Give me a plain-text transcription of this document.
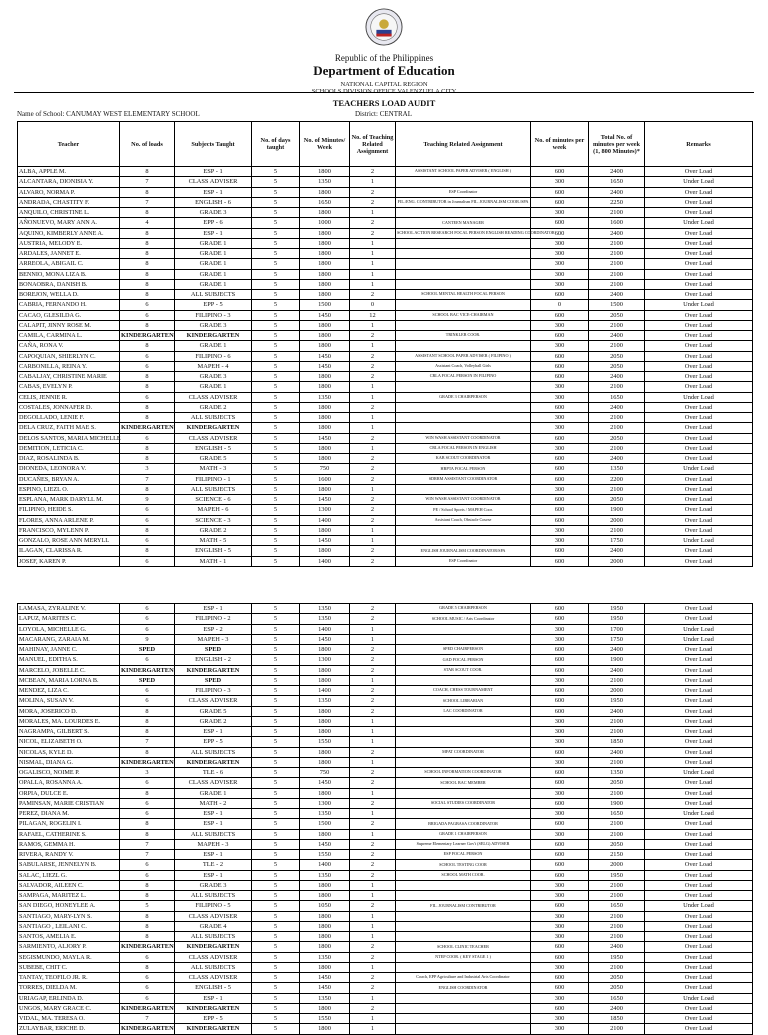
Republic of the Philippines
Department of Education
NATIONAL CAPITAL REGION
SCHOOLS DIVISION OFFICE VALENZUELA CITY
TEACHERS LOAD AUDIT
Name of School: CANUMAY WEST ELEMENTARY SCHOOL	District: CENTRAL
Teacher	No. of loads	Subjects Taught	No. of days taught	No. of Minutes/ Week	No. of Teaching Related Assignment	Teaching Related Assignment	No. of minutes per week	Total No. of minutes per week (1, 800 Minutes)*	Remarks
ALBA, APPLE M.	8	ESP - 1	5	1800	2	ASSISTANT SCHOOL PAPER ADVISER ( ENGLISH )	600	2400	Over Load
ALCANTARA, DIONISIA Y.	7	CLASS ADVISER	5	1350	1		300	1650	Under Load
ALVARO, NORMA P.	8	ESP - 1	5	1800	2	ESP Coordinator	600	2400	Over Load
ANDRADA, CHASTITY F.	7	ENGLISH - 6	5	1650	2	FIL./ENG. CONTRIBUTOR in Journalism FIL. JOURNALISM COOR./SPA	600	2250	Over Load
ANQUILO, CHRISTINE L.	8	GRADE 3	5	1800	1		300	2100	Over Load
AÑONUEVO, MARY ANN A.	4	EPP - 6	5	1000	2	CANTEEN MANAGER	600	1600	Under Load
AQUINO, KIMBERLY ANNE A.	8	ESP - 1	5	1800	2	SCHOOL ACTION RESEARCH FOCAL PERSON ENGLISH READING COORDINATOR	600	2400	Over Load
AUSTRIA, MELODY E.	8	GRADE 1	5	1800	1		300	2100	Over Load
ARDALES, JANNET E.	8	GRADE 1	5	1800	1		300	2100	Over Load
ARREOLA, ABIGAIL C.	8	GRADE 1	5	1800	1		300	2100	Over Load
BENNIO, MONA LIZA B.	8	GRADE 1	5	1800	1		300	2100	Over Load
BONAOBRA, DANISH B.	8	GRADE 1	5	1800	1		300	2100	Over Load
BOREJON, WELLA D.	8	ALL SUBJECTS	5	1800	2	SCHOOL MENTAL HEALTH FOCAL PERSON	600	2400	Over Load
CABRIA, FERNANDO H.	6	EPP - 5	5	1500	0		0	1500	Under Load
CACAO, GLESILDA G.	6	FILIPINO - 3	5	1450	12	SCHOOL BAC VICE-CHAIRMAN	600	2050	Over Load
CALAPIT, JINNY ROSE M.	8	GRADE 3	5	1800	1		300	2100	Over Load
CAMILA, CARMINA L.	KINDERGARTEN	KINDERGARTEN	5	1800	2	TRINKLER COOR.	600	2400	Over Load
CAÑA, RONA V.	8	GRADE 1	5	1800	1		300	2100	Over Load
CAPOQUIAN, SHIERLYN C.	6	FILIPINO - 6	5	1450	2	ASSISTANT SCHOOL PAPER ADVISER ( FILIPINO )	600	2050	Over Load
CARBONILLA, REINA Y.	6	MAPEH - 4	5	1450	2	Assistant Coach, Volleyball Girls	600	2050	Over Load
CABALJAY, CHRISTINE MARIE	8	GRADE 3	5	1800	2	CRLA FOCAL PERSON IN FILIPINO	600	2400	Over Load
CABAS, EVELYN P.	8	GRADE 1	5	1800	1		300	2100	Over Load
CELIS, JENNIE R.	6	CLASS ADVISER	5	1350	1	GRADE 3 CHAIRPERSON	300	1650	Under Load
COSTALES, JONNAFER D.	8	GRADE 2	5	1800	2		600	2400	Over Load
DEGOLLADO, LENIE F.	8	ALL SUBJECTS	5	1800	1		300	2100	Over Load
DELA CRUZ, FAITH MAE S.	KINDERGARTEN	KINDERGARTEN	5	1800	1		300	2100	Over Load
DELOS SANTOS, MARIA MICHELLE	6	CLASS ADVISER	5	1450	2	WIN WASH ASSISTANT COORDINATOR	600	2050	Over Load
DEMITION, LETICIA C.	8	ENGLISH - 5	5	1800	1	CRLA FOCAL PERSON IN ENGLISH	300	2100	Over Load
DIAZ, ROSALINDA B.	8	GRADE 5	5	1800	2	KAB SCOUT COORDINATOR	600	2400	Over Load
DIONEDA, LEONORA V.	3	MATH - 3	5	750	2	HRPTA FOCAL PERSON	600	1350	Under Load
DUCAÑES, BRYAN A.	7	FILIPINO - 1	5	1600	2	SDRRM ASSISTANT COORDINATOR	600	2200	Over Load
ESPINO, LIEZL O.	8	ALL SUBJECTS	5	1800	1		300	2100	Over Load
ESPLANA, MARK DARYLL M.	9	SCIENCE - 6	5	1450	2	WIN WASH ASSISTANT COORDINATOR	600	2050	Over Load
FILIPINO, HEIDE S.	6	MAPEH - 6	5	1300	2	PE / School Sports / MAPEH Coor.	600	1900	Over Load
FLORES, ANNA ARLENE P.	6	SCIENCE - 3	5	1400	2	Assistant Coach, Obstacle Course	600	2000	Over Load
FRANCISCO, MYLENN P.	8	GRADE 2	5	1800	1		300	2100	Over Load
GONZALO, ROSE ANN MERYLL	6	MATH - 5	5	1450	1		300	1750	Under Load
ILAGAN, CLARISSA R.	8	ENGLISH - 5	5	1800	2	ENGLISH JOURNALISM COORDINATOR/SPA	600	2400	Over Load
JOSEF, KAREN P.	6	MATH - 1	5	1400	2	ESP Coordinator	600	2000	Over Load
LAMASA, ZYRALINE V.	6	ESP - 1	5	1350	2	GRADE 5 CHAIRPERSON	600	1950	Over Load
LAPUZ, MARITES C.	6	FILIPINO - 2	5	1350	2	SCHOOL MUSIC / Arts Coordinator	600	1950	Over Load
LOYOLA, MICHELLE G.	6	ESP - 2	5	1400	1		300	1700	Under Load
MACARANG, ZARAIA M.	9	MAPEH - 3	5	1450	1		300	1750	Under Load
MAHINAY, JANNE C.	SPED	SPED	5	1800	2	SPED CHAIRPERSON	600	2400	Over Load
MANUEL, EDITHA S.	6	ENGLISH - 2	5	1300	2	GAD FOCAL PERSON	600	1900	Over Load
MARCELO, JOBELLE C.	KINDERGARTEN	KINDERGARTEN	5	1800	2	STAR SCOUT COOR.	600	2400	Over Load
MCBEAN, MARIA LORNA B.	SPED	SPED	5	1800	1		300	2100	Over Load
MENDEZ, LIZA C.	6	FILIPINO - 3	5	1400	2	COACH, CHESS TOURNAMENT	600	2000	Over Load
MOLINA, SUSAN V.	6	CLASS ADVISER	5	1350	2	SCHOOL LIBRARIAN	600	1950	Over Load
MORA, JOSERICO D.	8	GRADE 5	5	1800	2	LAC COORDINATOR	600	2400	Over Load
MORALES, MA. LOURDES E.	8	GRADE 2	5	1800	1		300	2100	Over Load
NAGRAMPA, GILBERT S.	8	ESP - 1	5	1800	1		300	2100	Over Load
NICOL, ELIZABETH O.	7	EPP - 5	5	1550	1		300	1850	Over Load
NICOLAS, KYLE D.	8	ALL SUBJECTS	5	1800	2	MFAT COORDINATOR	600	2400	Over Load
NISMAL, DIANA G.	KINDERGARTEN	KINDERGARTEN	5	1800	1		300	2100	Over Load
OGALISCO, NOIME P.	3	TLE - 6	5	750	2	SCHOOL INFORMATION COORDINATOR	600	1350	Under Load
OPALLA, ROSANNA A.	6	CLASS ADVISER	5	1450	2	SCHOOL BAC MEMBER	600	2050	Over Load
ORPIA, DULCE E.	8	GRADE 1	5	1800	1		300	2100	Over Load
PAMINSAN, MARIE CRISTIAN	6	MATH - 2	5	1300	2	SOCIAL STUDIES COORDINATOR	600	1900	Over Load
PEREZ, DIANA M.	6	ESP - 1	5	1350	1		300	1650	Under Load
PILAGAN, ROGELIN I.	8	ESP - 1	5	1500	2	BRIGADA PAGBASA COORDINATOR	600	2100	Over Load
RAFAEL, CATHERINE S.	8	ALL SUBJECTS	5	1800	1	GRADE 1 CHAIRPERSON	300	2100	Over Load
RAMOS, GEMMA H.	7	MAPEH - 3	5	1450	2	Supreme Elementary Learner Gov't (SELG) ADVISER	600	2050	Over Load
RIVERA, RANDY V.	7	ESP - 1	5	1550	2	ESP FOCAL PERSON	600	2150	Over Load
SABULARSE, JENNELYN B.	6	TLE - 2	5	1400	2	SCHOOL TESTING COOR	600	2000	Over Load
SALAC, LIEZL G.	6	ESP - 1	5	1350	2	SCHOOL MATH COOR.	600	1950	Over Load
SALVADOR, AILEEN C.	8	GRADE 3	5	1800	1		300	2100	Over Load
SAMPAGA, MARITEZ L.	8	ALL SUBJECTS	5	1800	1		300	2100	Over Load
SAN DIEGO, HONEYLEE A.	5	FILIPINO - 5	5	1050	2	FIL. JOURNALISM CONTRIBUTOR	600	1650	Under Load
SANTIAGO, MARY-LYN S.	8	CLASS ADVISER	5	1800	1		300	2100	Over Load
SANTIAGO , LEILANI C.	8	GRADE 4	5	1800	1		300	2100	Over Load
SANTOS, AMELIA E.	8	ALL SUBJECTS	5	1800	1		300	2100	Over Load
SARMIENTO, ALJORY P.	KINDERGARTEN	KINDERGARTEN	5	1800	2	SCHOOL CLINIC TEACHER	600	2400	Over Load
SEGISMUNDO, MAYLA R.	6	CLASS ADVISER	5	1350	2	NTEP COOR. ( KEY STAGE 1 )	600	1950	Over Load
SUBEBE, CHIT C.	8	ALL SUBJECTS	5	1800	1		300	2100	Over Load
TANTAY, TEOFILO JR. R.	6	CLASS ADVISER	5	1450	2	Coach, EPP Agriculture and Industrial Arts Coordinator	600	2050	Over Load
TORRES, DIELDA M.	6	ENGLISH - 5	5	1450	2	ENGLISH COORDINATOR	600	2050	Over Load
URIAGAP, ERLINDA D.	6	ESP - 1	5	1350	1		300	1650	Under Load
UNGOS, MARY GRACE C.	KINDERGARTEN	KINDERGARTEN	5	1800	2		600	2400	Over Load
VIDAL, MA. TERESA O.	7	EPP - 5	5	1550	1		300	1850	Over Load
ZULAYBAR, ERICHE D.	KINDERGARTEN	KINDERGARTEN	5	1800	1		300	2100	Over Load
